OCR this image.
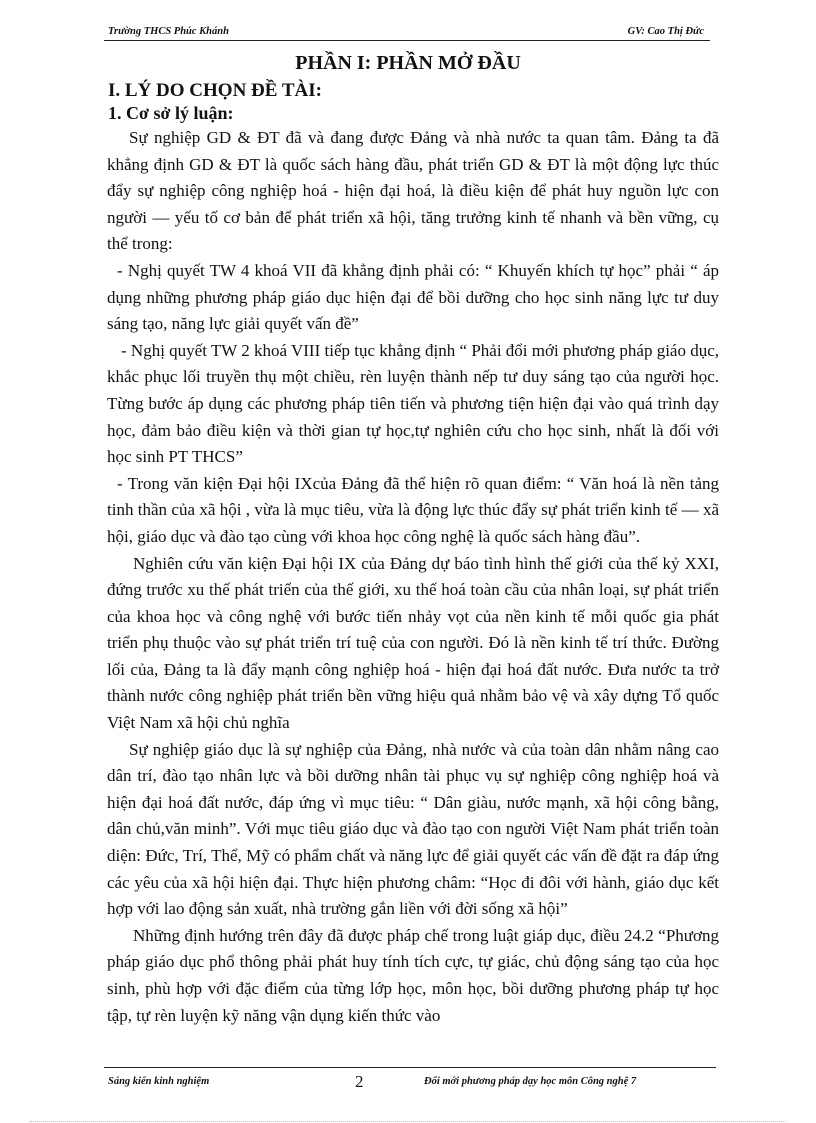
Trường THCS Phúc Khánh	GV: Cao Thị Đức
PHẦN I: PHẦN MỞ ĐẦU
I. LÝ DO CHỌN ĐỀ TÀI:
1. Cơ sở lý luận:

Sự nghiệp GD & ĐT đã và đang được Đảng và nhà nước ta quan tâm. Đảng ta đã khẳng định GD & ĐT là quốc sách hàng đầu, phát triển GD & ĐT là một động lực thúc đẩy sự nghiệp công nghiệp hoá - hiện đại hoá, là điều kiện để phát huy nguồn lực con người — yếu tố cơ bản để phát triển xã hội, tăng trưởng kinh tế nhanh và bền vững, cụ thể trong:

- Nghị quyết TW 4 khoá VII đã khẳng định phải có: “ Khuyến khích tự học” phải “ áp dụng những phương pháp giáo dục hiện đại để bồi dưỡng cho học sinh năng lực tư duy sáng tạo, năng lực giải quyết vấn đề”

- Nghị quyết TW 2 khoá VIII tiếp tục khẳng định “ Phải đổi mới phương pháp giáo dục, khắc phục lối truyền thụ một chiều, rèn luyện thành nếp tư duy sáng tạo của người học. Từng bước áp dụng các phương pháp tiên tiến và phương tiện hiện đại vào quá trình dạy học, đảm bảo điều kiện và thời gian tự học,tự nghiên cứu cho học sinh, nhất là đối với học sinh PT THCS”

- Trong văn kiện Đại hội IXcủa Đảng đã thể hiện rõ quan điểm: “ Văn hoá là nền tảng tinh thần của xã hội , vừa là mục tiêu, vừa là động lực thúc đẩy sự phát triển kinh tế — xã hội, giáo dục và đào tạo cùng với khoa học công nghệ là quốc sách hàng đầu”.

Nghiên cứu văn kiện Đại hội IX của Đảng dự báo tình hình thế giới của thế kỷ XXI, đứng trước xu thế phát triển của thế giới, xu thế hoá toàn cầu của nhân loại, sự phát triển của khoa học và công nghệ với bước tiến nhảy vọt của nền kinh tế mỗi quốc gia phát triển phụ thuộc vào sự phát triển trí tuệ của con người. Đó là nền kinh tế trí thức. Đường lối của, Đảng ta là đẩy mạnh công nghiệp hoá - hiện đại hoá đất nước. Đưa nước ta trở thành nước công nghiệp phát triển bền vững hiệu quả nhằm bảo vệ và xây dựng Tổ quốc Việt Nam xã hội chủ nghĩa

Sự nghiệp giáo dục là sự nghiệp của Đảng, nhà nước và của toàn dân nhằm nâng cao dân trí, đào tạo nhân lực và bồi dưỡng nhân tài phục vụ sự nghiệp công nghiệp hoá và hiện đại hoá đất nước, đáp ứng vì mục tiêu: “ Dân giàu, nước mạnh, xã hội công bằng, dân chủ,văn minh”. Với mục tiêu giáo dục và đào tạo con người Việt Nam phát triển toàn diện: Đức, Trí, Thể, Mỹ có phẩm chất và năng lực để giải quyết các vấn đề đặt ra đáp ứng các yêu của xã hội hiện đại. Thực hiện phương châm: “Học đi đôi với hành, giáo dục kết hợp với lao động sản xuất, nhà trường gắn liền với đời sống xã hội”

Những định hướng trên đây đã được pháp chế trong luật giáp dục, điều 24.2 “Phương pháp giáo dục phổ thông phải phát huy tính tích cực, tự giác, chủ động sáng tạo của học sinh, phù hợp với đặc điểm của từng lớp học, môn học, bồi dưỡng phương pháp tự học tập, tự rèn luyện kỹ năng vận dụng kiến thức vào

Sáng kiến kinh nghiệm	2	Đổi mới phương pháp dạy học môn Công nghệ 7
